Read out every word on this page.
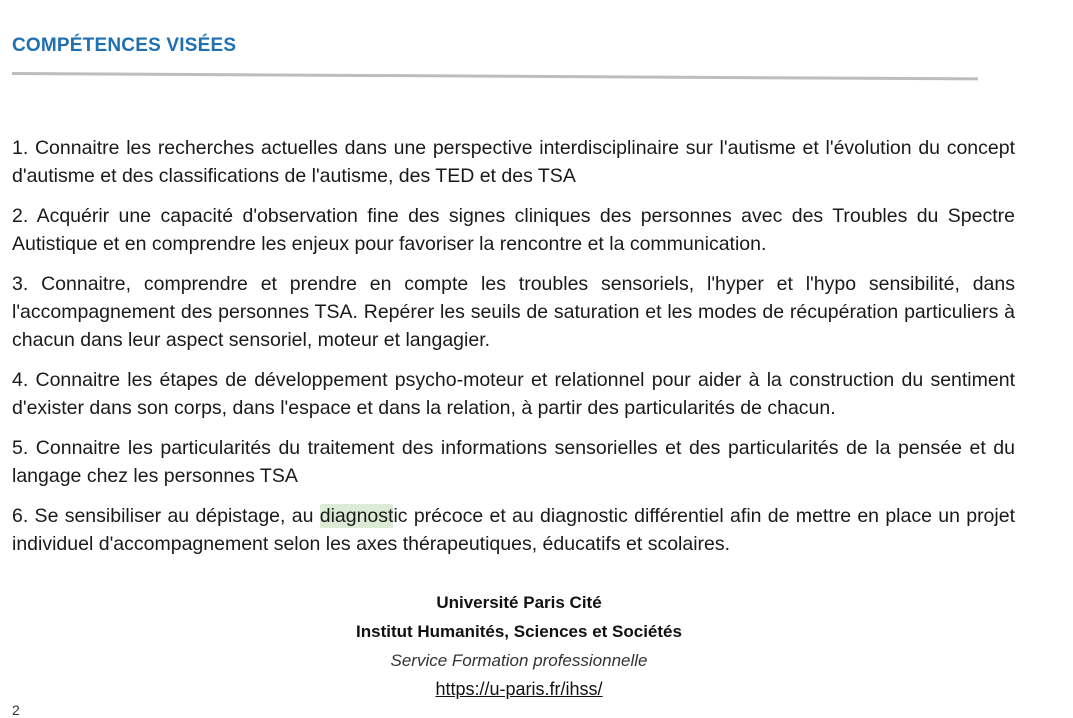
COMPÉTENCES VISÉES

1. Connaitre les recherches actuelles dans une perspective interdisciplinaire sur l'autisme et l'évolution du concept d'autisme et des classifications de l'autisme, des TED et des TSA

2. Acquérir une capacité d'observation fine des signes cliniques des personnes avec des Troubles du Spectre Autistique et en comprendre les enjeux pour favoriser la rencontre et la communication.

3. Connaitre, comprendre et prendre en compte les troubles sensoriels, l'hyper et l'hypo sensibilité, dans l'accompagnement des personnes TSA. Repérer les seuils de saturation et les modes de récupération particuliers à chacun dans leur aspect sensoriel, moteur et langagier.

4. Connaitre les étapes de développement psycho-moteur et relationnel pour aider à la construction du sentiment d'exister dans son corps, dans l'espace et dans la relation, à partir des particularités de chacun.

5. Connaitre les particularités du traitement des informations sensorielles et des particularités de la pensée et du langage chez les personnes TSA

6. Se sensibiliser au dépistage, au diagnostic précoce et au diagnostic différentiel afin de mettre en place un projet individuel d'accompagnement selon les axes thérapeutiques, éducatifs et scolaires.

Université Paris Cité
Institut Humanités, Sciences et Sociétés
Service Formation professionnelle
https://u-paris.fr/ihss/
2
